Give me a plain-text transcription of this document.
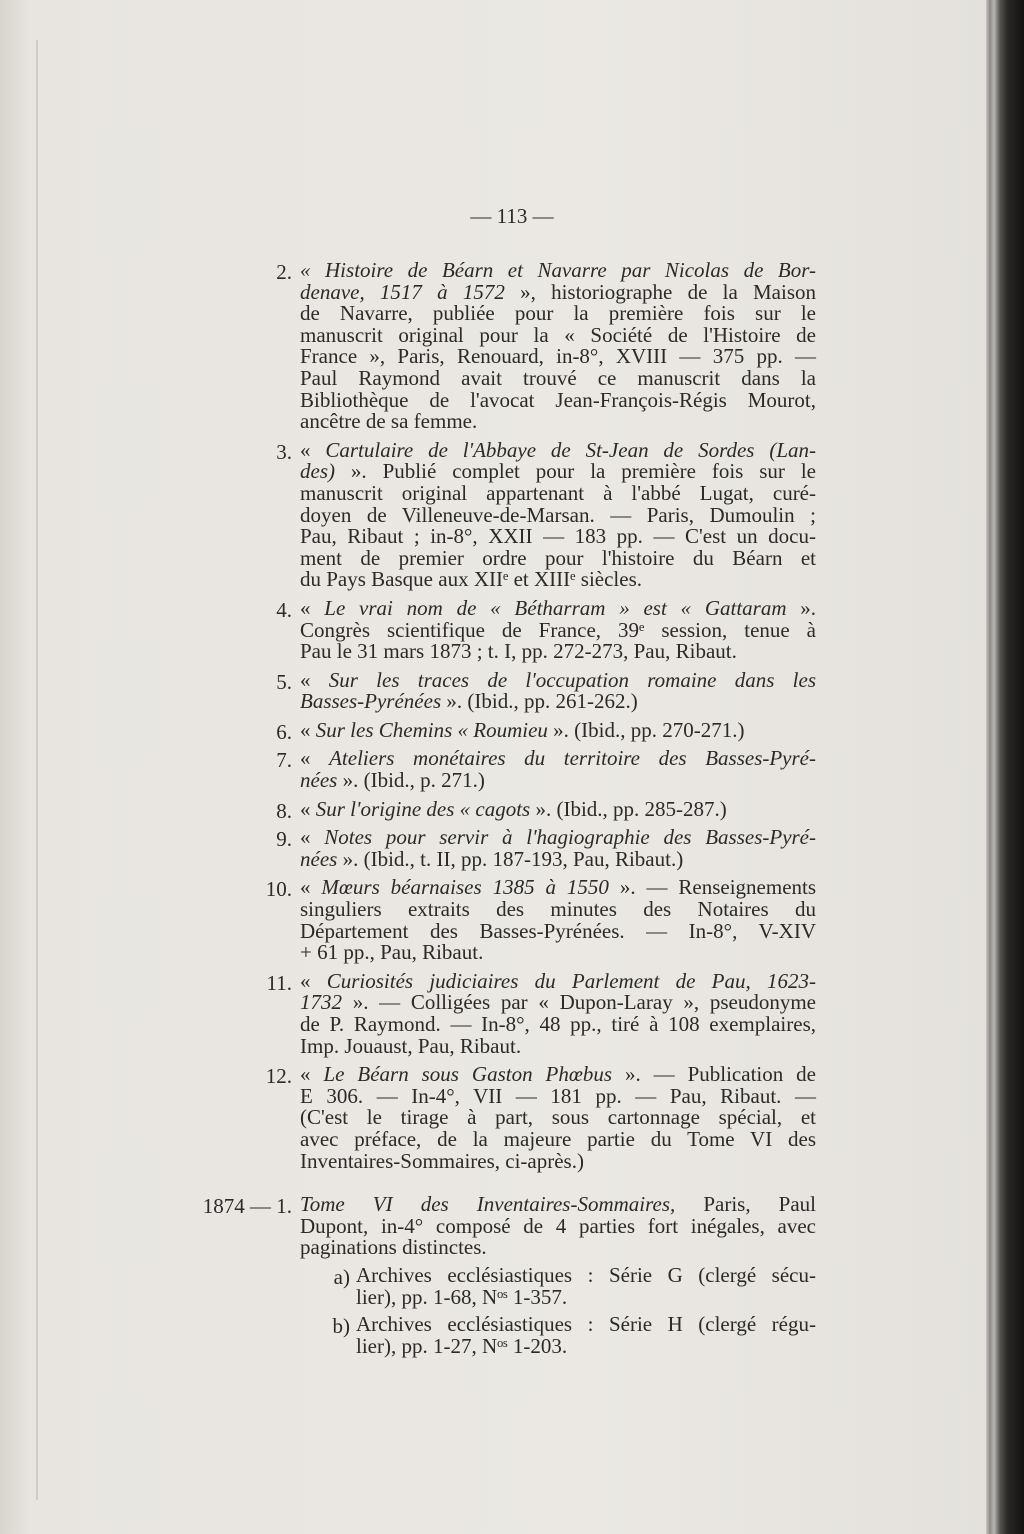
— 113 —
2. « Histoire de Béarn et Navarre par Nicolas de Bor-
denave, 1517 à 1572 », historiographe de la Maison
de Navarre, publiée pour la première fois sur le
manuscrit original pour la « Société de l'Histoire de
France », Paris, Renouard, in-8°, XVIII — 375 pp. —
Paul Raymond avait trouvé ce manuscrit dans la
Bibliothèque de l'avocat Jean-François-Régis Mourot,
ancêtre de sa femme.
3. « Cartulaire de l'Abbaye de St-Jean de Sordes (Lan-
des) ». Publié complet pour la première fois sur le
manuscrit original appartenant à l'abbé Lugat, curé-
doyen de Villeneuve-de-Marsan. — Paris, Dumoulin ;
Pau, Ribaut ; in-8°, XXII — 183 pp. — C'est un docu-
ment de premier ordre pour l'histoire du Béarn et
du Pays Basque aux XIIᵉ et XIIIᵉ siècles.
4. « Le vrai nom de « Bétharram » est « Gattaram ».
Congrès scientifique de France, 39ᵉ session, tenue à
Pau le 31 mars 1873 ; t. I, pp. 272-273, Pau, Ribaut.
5. « Sur les traces de l'occupation romaine dans les
Basses-Pyrénées ». (Ibid., pp. 261-262.)
6. « Sur les Chemins « Roumieu ». (Ibid., pp. 270-271.)
7. « Ateliers monétaires du territoire des Basses-Pyré-
nées ». (Ibid., p. 271.)
8. « Sur l'origine des « cagots ». (Ibid., pp. 285-287.)
9. « Notes pour servir à l'hagiographie des Basses-Pyré-
nées ». (Ibid., t. II, pp. 187-193, Pau, Ribaut.)
10. « Mœurs béarnaises 1385 à 1550 ». — Renseignements
singuliers extraits des minutes des Notaires du
Département des Basses-Pyrénées. — In-8°, V-XIV
+ 61 pp., Pau, Ribaut.
11. « Curiosités judiciaires du Parlement de Pau, 1623-
1732 ». — Colligées par « Dupon-Laray », pseudonyme
de P. Raymond. — In-8°, 48 pp., tiré à 108 exemplaires,
Imp. Jouaust, Pau, Ribaut.
12. « Le Béarn sous Gaston Phœbus ». — Publication de
E 306. — In-4°, VII — 181 pp. — Pau, Ribaut. —
(C'est le tirage à part, sous cartonnage spécial, et
avec préface, de la majeure partie du Tome VI des
Inventaires-Sommaires, ci-après.)
1874 — 1. Tome VI des Inventaires-Sommaires, Paris, Paul
Dupont, in-4° composé de 4 parties fort inégales, avec
paginations distinctes.
a) Archives ecclésiastiques : Série G (clergé sécu-
lier), pp. 1-68, Nᵒˢ 1-357.
b) Archives ecclésiastiques : Série H (clergé régu-
lier), pp. 1-27, Nᵒˢ 1-203.
